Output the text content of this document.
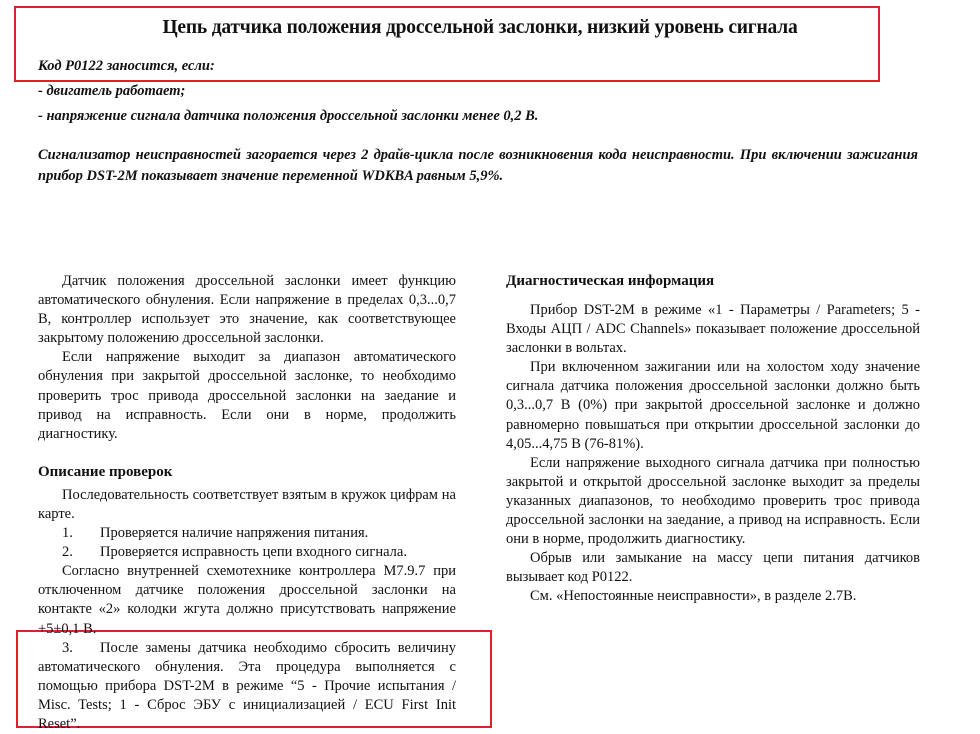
Цепь датчика положения дроссельной заслонки, низкий уровень сигнала
Код P0122 заносится, если:
- двигатель работает;
- напряжение сигнала датчика положения дроссельной заслонки менее 0,2 В.
Сигнализатор неисправностей загорается через 2 драйв-цикла после возникновения кода неисправности. При включении зажигания прибор DST-2M показывает значение переменной WDKBA равным 5,9%.

Датчик положения дроссельной заслонки имеет функцию автоматического обнуления. Если напряжение в пределах 0,3...0,7 В, контроллер использует это значение, как соответствующее закрытому положению дроссельной заслонки.

Если напряжение выходит за диапазон автоматического обнуления при закрытой дроссельной заслонке, то необходимо проверить трос привода дроссельной заслонки на заедание и привод на исправность. Если они в норме, продолжить диагностику.

Описание проверок

Последовательность соответствует взятым в кружок цифрам на карте.

1. Проверяется наличие напряжения питания.

2. Проверяется исправность цепи входного сигнала.

Согласно внутренней схемотехнике контроллера M7.9.7 при отключенном датчике положения дроссельной заслонки на контакте «2» колодки жгута должно присутствовать напряжение +5±0,1 В.

3. После замены датчика необходимо сбросить величину автоматического обнуления. Эта процедура выполняется с помощью прибора DST-2M в режиме “5 - Прочие испытания / Misc. Tests; 1 - Сброс ЭБУ с инициализацией / ECU First Init Reset”.

Диагностическая информация

Прибор DST-2M в режиме «1 - Параметры / Parameters; 5 - Входы АЦП / ADC Channels» показывает положение дроссельной заслонки в вольтах.

При включенном зажигании или на холостом ходу значение сигнала датчика положения дроссельной заслонки должно быть 0,3...0,7 В (0%) при закрытой дроссельной заслонке и должно равномерно повышаться при открытии дроссельной заслонки до 4,05...4,75 В (76-81%).

Если напряжение выходного сигнала датчика при полностью закрытой и открытой дроссельной заслонке выходит за пределы указанных диапазонов, то необходимо проверить трос привода дроссельной заслонки на заедание, а привод на исправность. Если они в норме, продолжить диагностику.

Обрыв или замыкание на массу цепи питания датчиков вызывает код P0122.

См. «Непостоянные неисправности», в разделе 2.7В.
